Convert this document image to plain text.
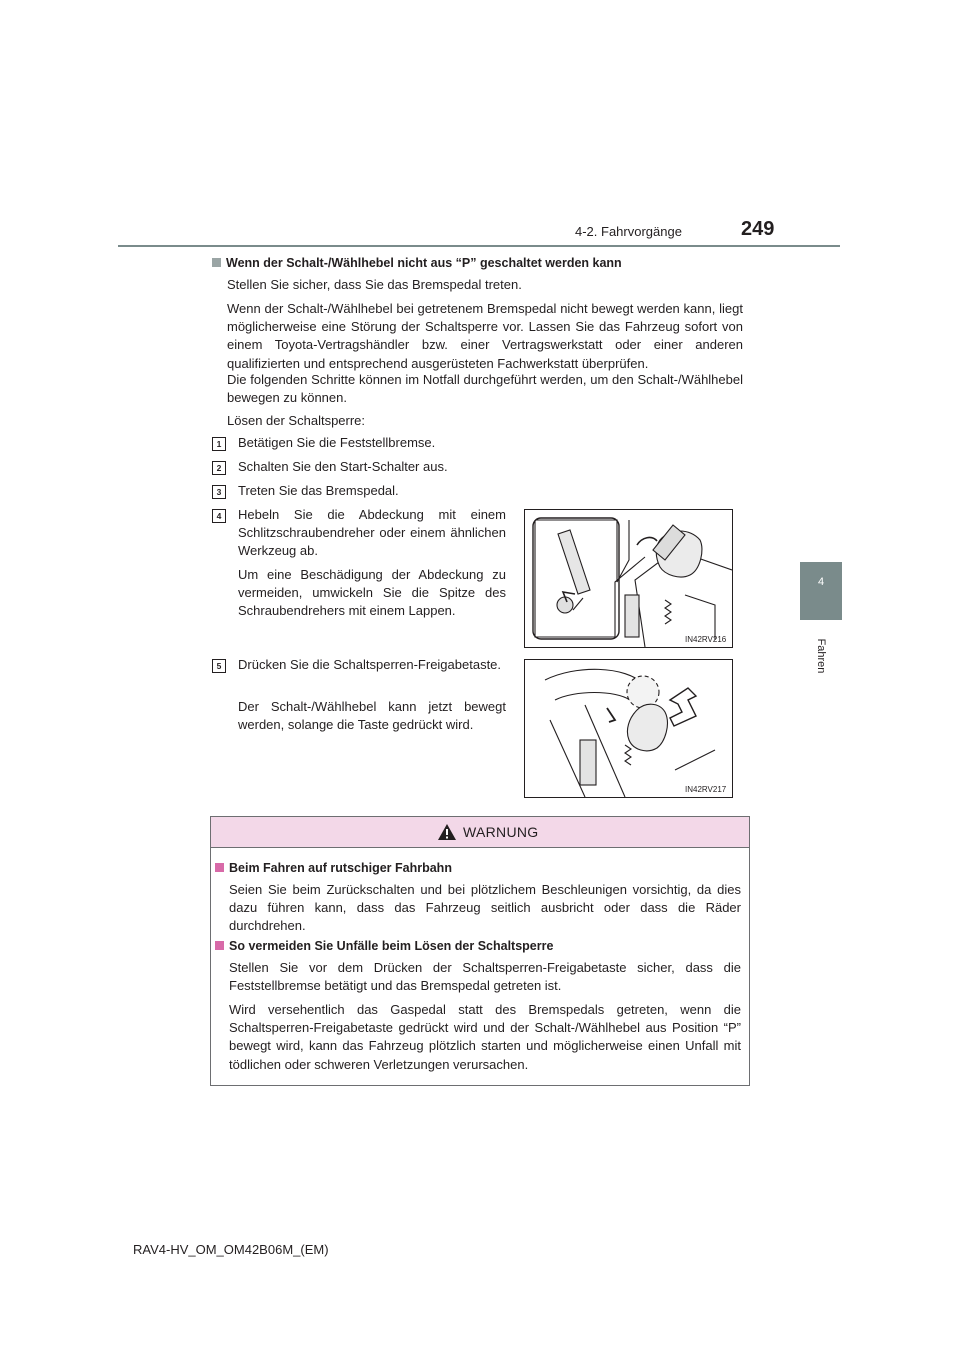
4-2. Fahrvorgänge	249
4
Fahren
Wenn der Schalt-/Wählhebel nicht aus “P” geschaltet werden kann
Stellen Sie sicher, dass Sie das Bremspedal treten.
Wenn der Schalt-/Wählhebel bei getretenem Bremspedal nicht bewegt werden kann, liegt möglicherweise eine Störung der Schaltsperre vor. Lassen Sie das Fahrzeug sofort von einem Toyota-Vertragshändler bzw. einer Vertragswerkstatt oder einer anderen qualifizierten und entsprechend ausgerüsteten Fachwerkstatt überprüfen.
Die folgenden Schritte können im Notfall durchgeführt werden, um den Schalt-/Wählhebel bewegen zu können.
Lösen der Schaltsperre:
1	Betätigen Sie die Feststellbremse.
2	Schalten Sie den Start-Schalter aus.
3	Treten Sie das Bremspedal.
4	Hebeln Sie die Abdeckung mit einem Schlitzschraubendreher oder einem ähnlichen Werkzeug ab.
Um eine Beschädigung der Abdeckung zu vermeiden, umwickeln Sie die Spitze des Schraubendrehers mit einem Lappen.
IN42RV216
5	Drücken Sie die Schaltsperren-Freigabetaste.
Der Schalt-/Wählhebel kann jetzt bewegt werden, solange die Taste gedrückt wird.
IN42RV217
WARNUNG
Beim Fahren auf rutschiger Fahrbahn
Seien Sie beim Zurückschalten und bei plötzlichem Beschleunigen vorsichtig, da dies dazu führen kann, dass das Fahrzeug seitlich ausbricht oder dass die Räder durchdrehen.
So vermeiden Sie Unfälle beim Lösen der Schaltsperre
Stellen Sie vor dem Drücken der Schaltsperren-Freigabetaste sicher, dass die Feststellbremse betätigt und das Bremspedal getreten ist.
Wird versehentlich das Gaspedal statt des Bremspedals getreten, wenn die Schaltsperren-Freigabetaste gedrückt wird und der Schalt-/Wählhebel aus Position “P” bewegt wird, kann das Fahrzeug plötzlich starten und möglicherweise einen Unfall mit tödlichen oder schweren Verletzungen verursachen.
RAV4-HV_OM_OM42B06M_(EM)
